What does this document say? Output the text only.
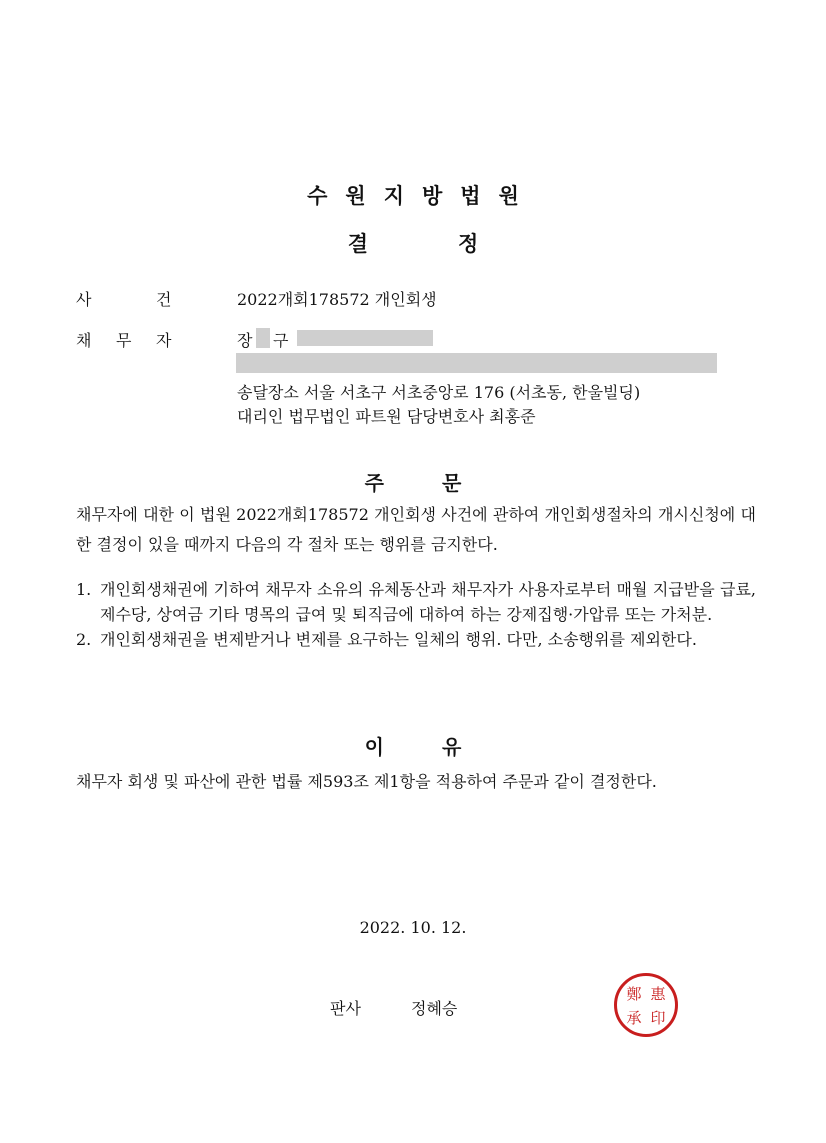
수원지방법원
결	정
사	건	2022개회178572 개인회생
채 무 자	장 구
송달장소 서울 서초구 서초중앙로 176 (서초동, 한울빌딩)
대리인 법무법인 파트원 담당변호사 최홍준
주	문
채무자에 대한 이 법원 2022개회178572 개인회생 사건에 관하여 개인회생절차의 개시신청에 대한 결정이 있을 때까지 다음의 각 절차 또는 행위를 금지한다.
1. 개인회생채권에 기하여 채무자 소유의 유체동산과 채무자가 사용자로부터 매월 지급받을 급료, 제수당, 상여금 기타 명목의 급여 및 퇴직금에 대하여 하는 강제집행·가압류 또는 가처분.
2. 개인회생채권을 변제받거나 변제를 요구하는 일체의 행위. 다만, 소송행위를 제외한다.
이	유
채무자 회생 및 파산에 관한 법률 제593조 제1항을 적용하여 주문과 같이 결정한다.
2022. 10. 12.
판사	정혜승
鄭 惠
承 印
